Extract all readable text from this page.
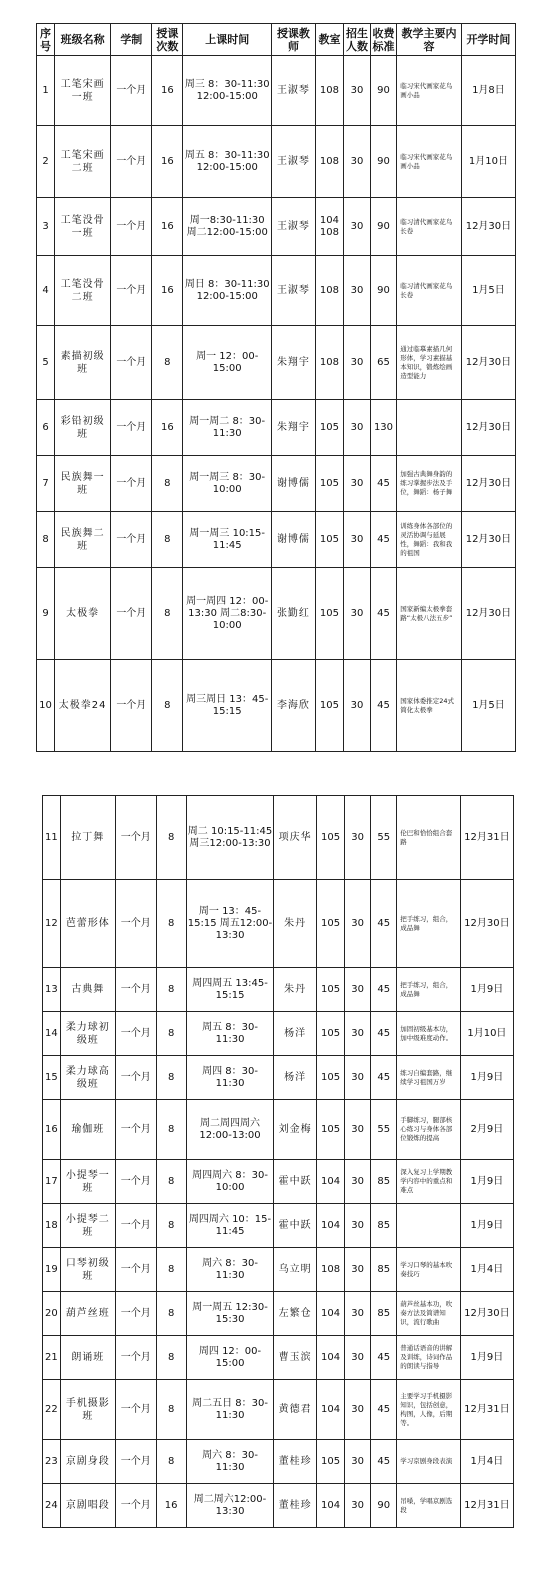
序号	班级名称	学制	授课次数	上课时间	授课教师	教室	招生人数	收费标准	教学主要内容	开学时间
1	工笔宋画一班	一个月	16	周三 8：30-11:30 12:00-15:00	王淑琴	108	30	90	临习宋代画家花鸟画小品	1月8日
2	工笔宋画二班	一个月	16	周五 8：30-11:30 12:00-15:00	王淑琴	108	30	90	临习宋代画家花鸟画小品	1月10日
3	工笔没骨一班	一个月	16	周一8:30-11:30 周二12:00-15:00	王淑琴	104 108	30	90	临习清代画家花鸟长卷	12月30日
4	工笔没骨二班	一个月	16	周日 8：30-11:30 12:00-15:00	王淑琴	108	30	90	临习清代画家花鸟长卷	1月5日
5	素描初级班	一个月	8	周一 12：00-15:00	朱翔宇	108	30	65	通过临摹素描几何形体，学习素描基本知识，锻炼绘画造型能力	12月30日
6	彩铅初级班	一个月	16	周一周二 8：30-11:30	朱翔宇	105	30	130		12月30日
7	民族舞一班	一个月	8	周一周三 8：30-10:00	谢博儒	105	30	45	加强古典舞身韵的练习掌握步法及手位，舞蹈：杨子舞	12月30日
8	民族舞二班	一个月	8	周一周三 10:15-11:45	谢博儒	105	30	45	训练身体各部位的灵活协调与延展性，舞蹈：我和我的祖国	12月30日
9	太极拳	一个月	8	周一周四 12：00-13:30 周二8:30-10:00	张勤红	105	30	45	国家新编太极拳套路“太极八法五步”	12月30日
10	太极拳24	一个月	8	周三周日 13：45-15:15	李海欣	105	30	45	国家体委推定24式简化太极拳	1月5日
11	拉丁舞	一个月	8	周二 10:15-11:45 周三12:00-13:30	项庆华	105	30	55	伦巴和恰恰组合套路	12月31日
12	芭蕾形体	一个月	8	周一 13：45-15:15 周五12:00-13:30	朱丹	105	30	45	把手练习，组合，成品舞	12月30日
13	古典舞	一个月	8	周四周五 13:45-15:15	朱丹	105	30	45	把手练习，组合，成品舞	1月9日
14	柔力球初级班	一个月	8	周五 8：30-11:30	杨洋	105	30	45	加固初级基本功，加中级难度动作。	1月10日
15	柔力球高级班	一个月	8	周四 8：30-11:30	杨洋	105	30	45	练习自编套路，继续学习祖国万岁	1月9日
16	瑜伽班	一个月	8	周二周四周六 12:00-13:00	刘金梅	105	30	55	手脚练习，腿部核心练习与身体各部位锻炼的提高	2月9日
17	小提琴一班	一个月	8	周四周六 8：30-10:00	霍中跃	104	30	85	深入复习上学期教学内容中的重点和难点	1月9日
18	小提琴二班	一个月	8	周四周六 10：15-11:45	霍中跃	104	30	85		1月9日
19	口琴初级班	一个月	8	周六 8：30-11:30	乌立明	108	30	85	学习口琴的基本吹奏技巧	1月4日
20	葫芦丝班	一个月	8	周一周五 12:30-15:30	左繁仓	104	30	85	葫芦丝基本功，吹奏方法及简谱知识，流行歌曲	12月30日
21	朗诵班	一个月	8	周四 12：00-15:00	曹玉滨	104	30	45	普通话语音的讲解及训练，诗词作品的朗读与指导	1月9日
22	手机摄影班	一个月	8	周二五日 8：30-11:30	黄德君	104	30	45	主要学习手机摄影知识，包括创意，构图，人像，后期等。	12月31日
23	京剧身段	一个月	8	周六 8：30-11:30	董桂珍	105	30	45	学习京剧身段表演	1月4日
24	京剧唱段	一个月	16	周二周六12:00-13:30	董桂珍	104	30	90	吊嗓，学唱京剧选段	12月31日
